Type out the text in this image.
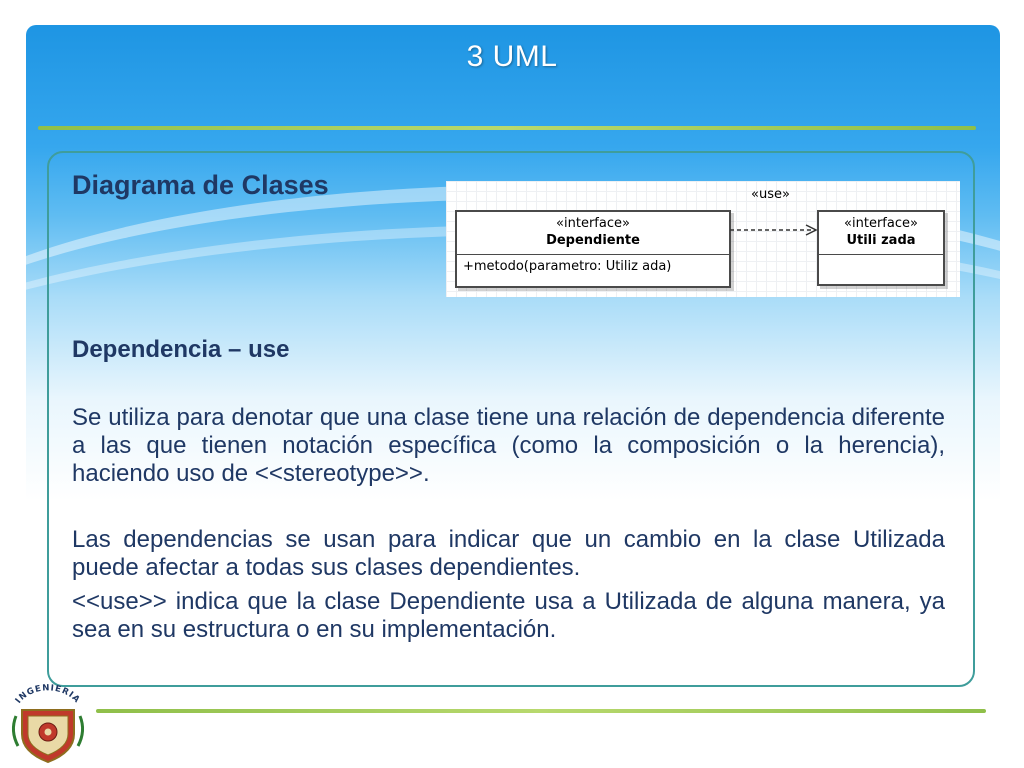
3 UML
Diagrama de Clases	«use»
«interface»
Dependiente
+metodo(parametro: Utiliz ada)
«interface»
Utili zada
Dependencia – use
Se utiliza para denotar que una clase tiene una relación de dependencia diferente a las que tienen notación específica (como la composición o la herencia), haciendo uso de <<stereotype>>.
Las dependencias se usan para indicar que un cambio en la clase Utilizada puede afectar a todas sus clases dependientes.
<<use>> indica que la clase Dependiente usa a Utilizada de alguna manera, ya sea en su estructura o en su implementación.
INGENIERIA
